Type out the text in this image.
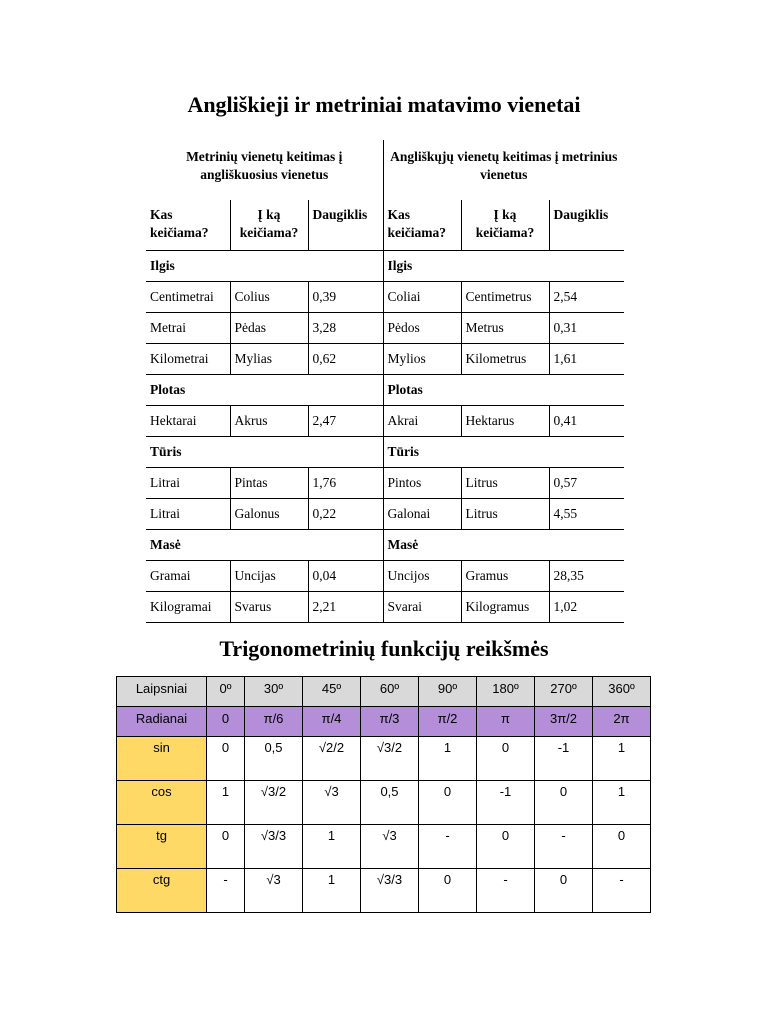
Angliškieji ir metriniai matavimo vienetai
Metrinių vienetų keitimas į angliškuosius vienetus			Angliškųjų vienetų keitimas į metrinius vienetus		

Kas keičiama?	Į ką keičiama?	Daugiklis	Kas keičiama?	Į ką keičiama?	Daugiklis

Ilgis			Ilgis		

Centimetrai	Colius	0,39	Coliai	Centimetrus	2,54

Metrai	Pėdas	3,28	Pėdos	Metrus	0,31

Kilometrai	Mylias	0,62	Mylios	Kilometrus	1,61

Plotas			Plotas		

Hektarai	Akrus	2,47	Akrai	Hektarus	0,41

Tūris			Tūris		

Litrai	Pintas	1,76	Pintos	Litrus	0,57

Litrai	Galonus	0,22	Galonai	Litrus	4,55

Masė			Masė		

Gramai	Uncijas	0,04	Uncijos	Gramus	28,35

Kilogramai	Svarus	2,21	Svarai	Kilogramus	1,02
Trigonometrinių funkcijų reikšmės
Laipsniai	0º	30º	45º	60º	90º	180º	270º	360º

Radianai	0	π/6	π/4	π/3	π/2	π	3π/2	2π

sin	0	0,5	√2/2	√3/2	1	0	-1	1

cos	1	√3/2	√3	0,5	0	-1	0	1

tg	0	√3/3	1	√3	-	0	-	0

ctg	-	√3	1	√3/3	0	-	0	-
